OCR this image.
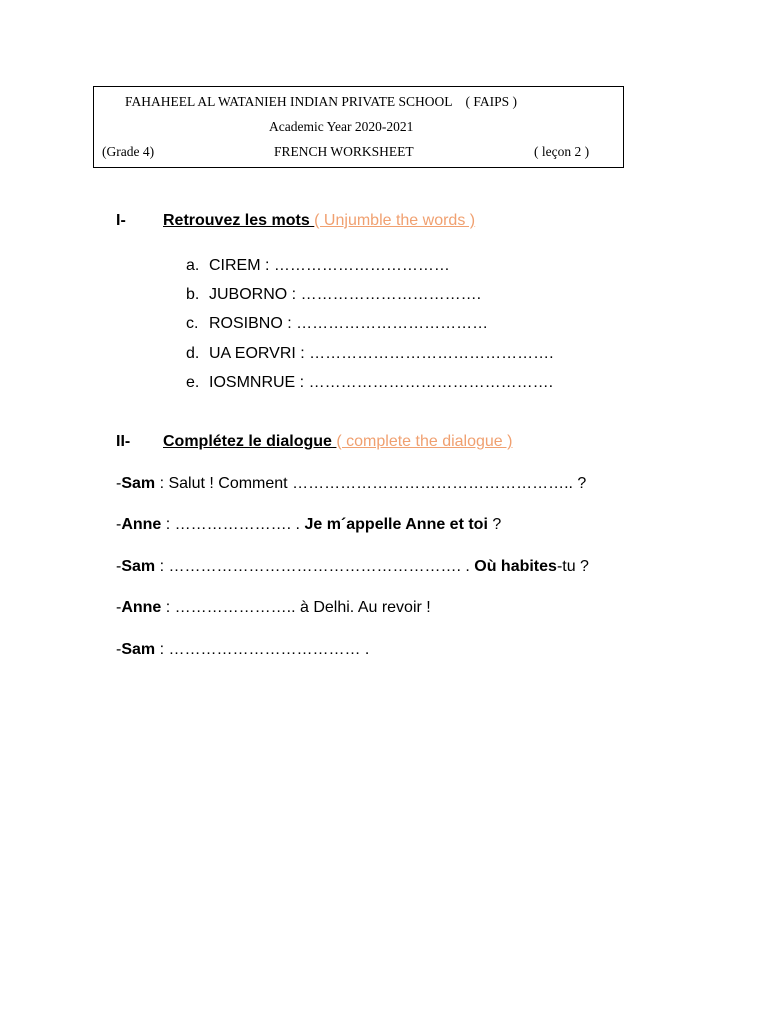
FAHAHEEL AL WATANIEH INDIAN PRIVATE SCHOOL    ( FAIPS )
Academic Year 2020-2021
(Grade 4)	FRENCH WORKSHEET	( leçon 2 )
I- Retrouvez les mots ( Unjumble the words )
a. CIREM : ……………………………
b. JUBORNO : …………………………….
c. ROSIBNO : ………………………………
d. UA EORVRI : ……………………………………….
e. IOSMNRUE : ……………………………………….
II- Complétez le dialogue ( complete the dialogue )
-Sam : Salut ! Comment …………………………………………….. ?
-Anne : …………………. . Je m´appelle Anne et toi ?
-Sam : ………………………………………………. . Où habites-tu ?
-Anne : ………………….. à Delhi. Au revoir !
-Sam : ……………………………… .
